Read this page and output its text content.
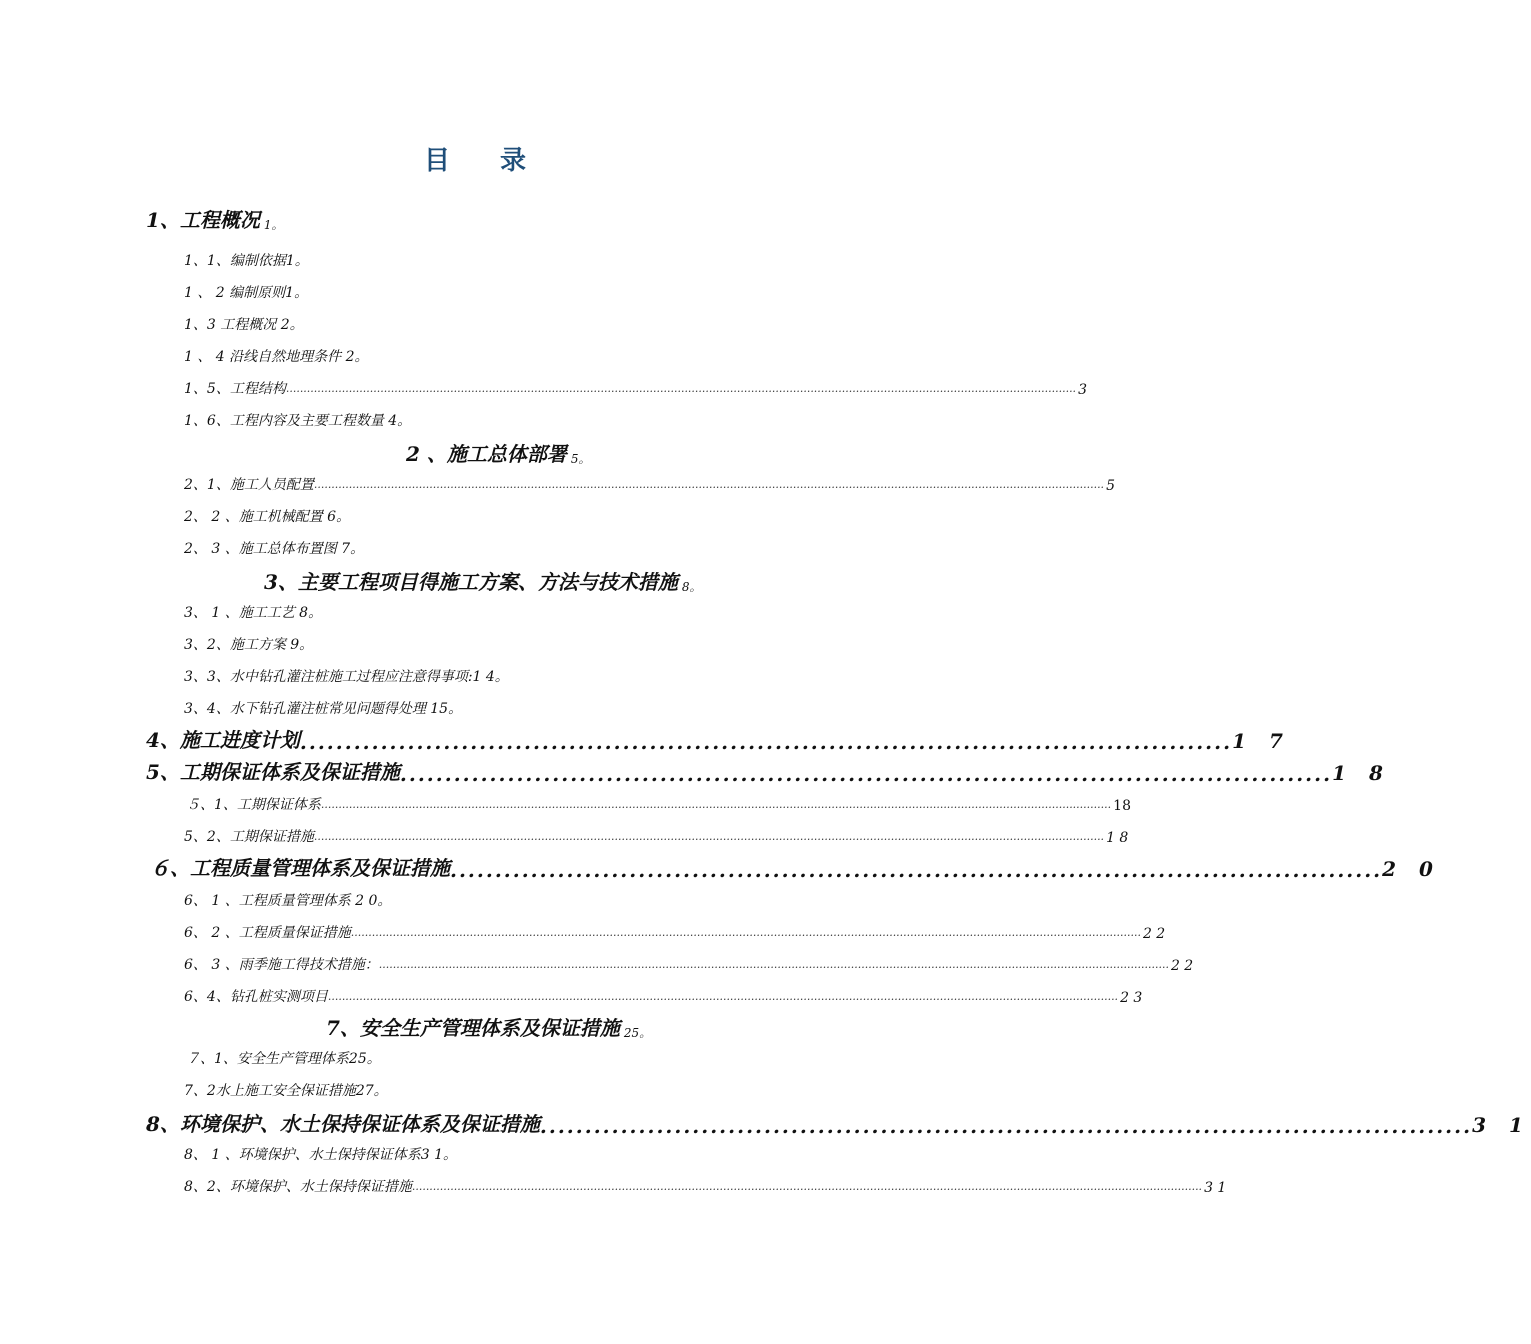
目 录
1、工程概况 1。
1、1、编制依据1。
1 、 2 编制原则1。
1、3 工程概况 2。
1 、 4 沿线自然地理条件 2。
1、5、工程结构 .................................................................................................................................................................................................................................. 3
1、6、工程内容及主要工程数量 4。
2 、施工总体部署 5。
2、1、施工人员配置 .................................................................................................................................................................................................................................. 5
2、 2 、施工机械配置 6。
2、 3 、施工总体布置图 7。
3、主要工程项目得施工方案、方法与技术措施 8。
3、 1 、施工工艺 8。
3、2、施工方案 9。
3、3、水中钻孔灌注桩施工过程应注意得事项:1 4。
3、4、水下钻孔灌注桩常见问题得处理 15。
4、施工进度计划 ........................................................................................................ 1 7
5、工期保证体系及保证措施 ........................................................................................................ 1 8
５、1、工期保证体系 .................................................................................................................................................................................................................................. 18
5、2、工期保证措施 .................................................................................................................................................................................................................................. 1 8
６、工程质量管理体系及保证措施 ........................................................................................................ 2 0
6、 1 、工程质量管理体系 2 0。
6、 2 、工程质量保证措施 .................................................................................................................................................................................................................................. 2 2
6、 3 、雨季施工得技术措施： .................................................................................................................................................................................................................................. 2 2
6、4、钻孔桩实测项目 .................................................................................................................................................................................................................................. 2 3
7、安全生产管理体系及保证措施 25。
７、1、安全生产管理体系25。
7、2水上施工安全保证措施27。
8、环境保护、水土保持保证体系及保证措施 ........................................................................................................ 3 1
8、 1 、环境保护、水土保持保证体系3 1。
8、2、环境保护、水土保持保证措施 .................................................................................................................................................................................................................................. 3 1
